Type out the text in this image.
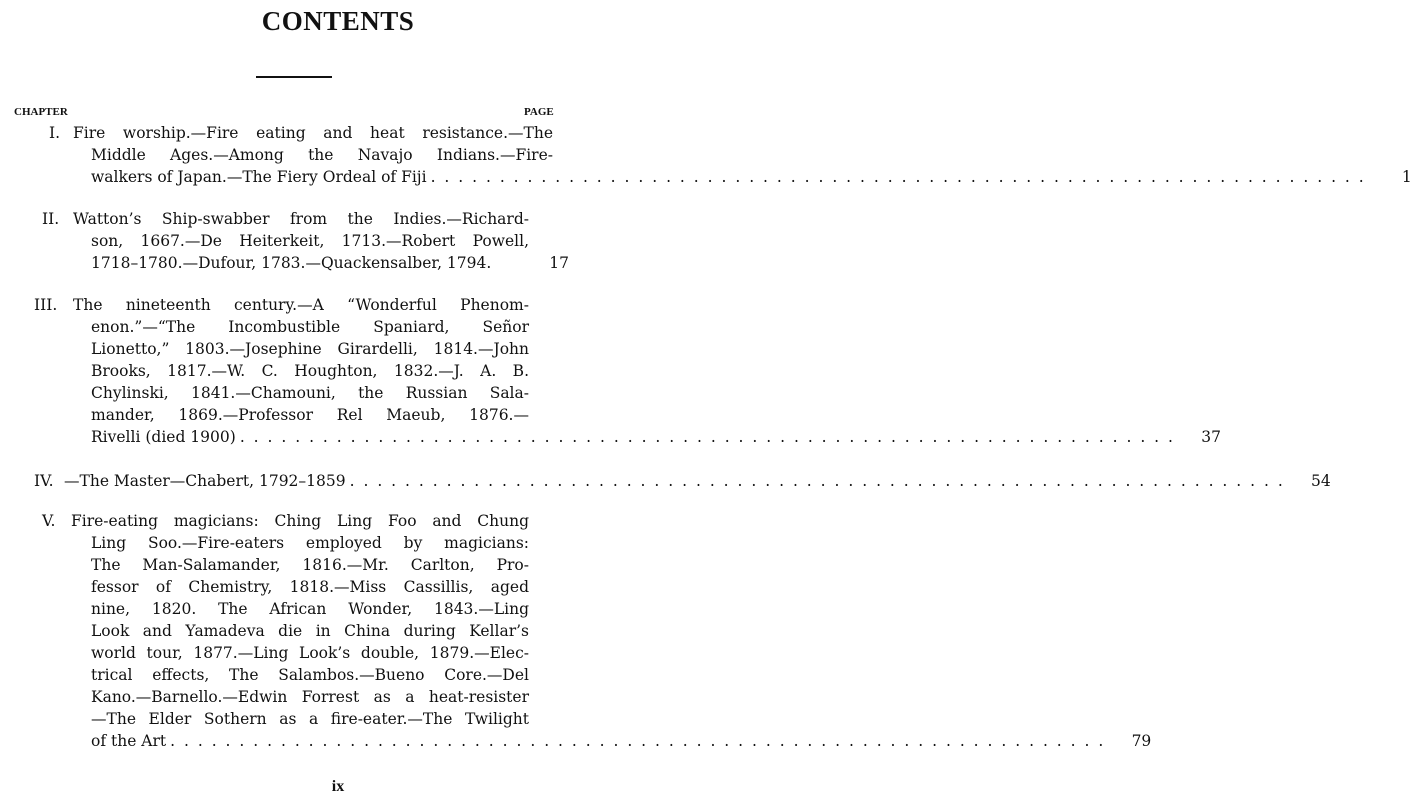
CONTENTS
CHAPTER	PAGE
I. Fire worship.—Fire eating and heat resistance.—The
Middle Ages.—Among the Navajo Indians.—Fire-
walkers of Japan.—The Fiery Ordeal of Fiji . . . . . . . . . . . . . . . . . . . . . . . . . . . . . . . . . . . . . . . . . . . . . . . . . . . . . . . . . . . . . . . . . . . .	1
II. Watton’s Ship-swabber from the Indies.—Richard-
son, 1667.—De Heiterkeit, 1713.—Robert Powell,
1718–1780.—Dufour, 1783.—Quackensalber, 1794.	17
III.	The nineteenth century.—A “Wonderful Phenom-
enon.”—“The Incombustible Spaniard, Señor
Lionetto,” 1803.—Josephine Girardelli, 1814.—John
Brooks, 1817.—W. C. Houghton, 1832.—J. A. B.
Chylinski, 1841.—Chamouni, the Russian Sala-
mander, 1869.—Professor Rel Maeub, 1876.—
Rivelli (died 1900) . . . . . . . . . . . . . . . . . . . . . . . . . . . . . . . . . . . . . . . . . . . . . . . . . . . . . . . . . . . . . . . . . . . .	37
IV. —The Master—Chabert, 1792–1859 . . . . . . . . . . . . . . . . . . . . . . . . . . . . . . . . . . . . . . . . . . . . . . . . . . . . . . . . . . . . . . . . . . . .	54
V.	Fire-eating magicians: Ching Ling Foo and Chung
Ling Soo.—Fire-eaters employed by magicians:
The Man-Salamander, 1816.—Mr. Carlton, Pro-
fessor of Chemistry, 1818.—Miss Cassillis, aged
nine, 1820. The African Wonder, 1843.—Ling
Look and Yamadeva die in China during Kellar’s
world tour, 1877.—Ling Look’s double, 1879.—Elec-
trical effects, The Salambos.—Bueno Core.—Del
Kano.—Barnello.—Edwin Forrest as a heat-resister
—The Elder Sothern as a fire-eater.—The Twilight
of the Art . . . . . . . . . . . . . . . . . . . . . . . . . . . . . . . . . . . . . . . . . . . . . . . . . . . . . . . . . . . . . . . . . . . .	79
ix
